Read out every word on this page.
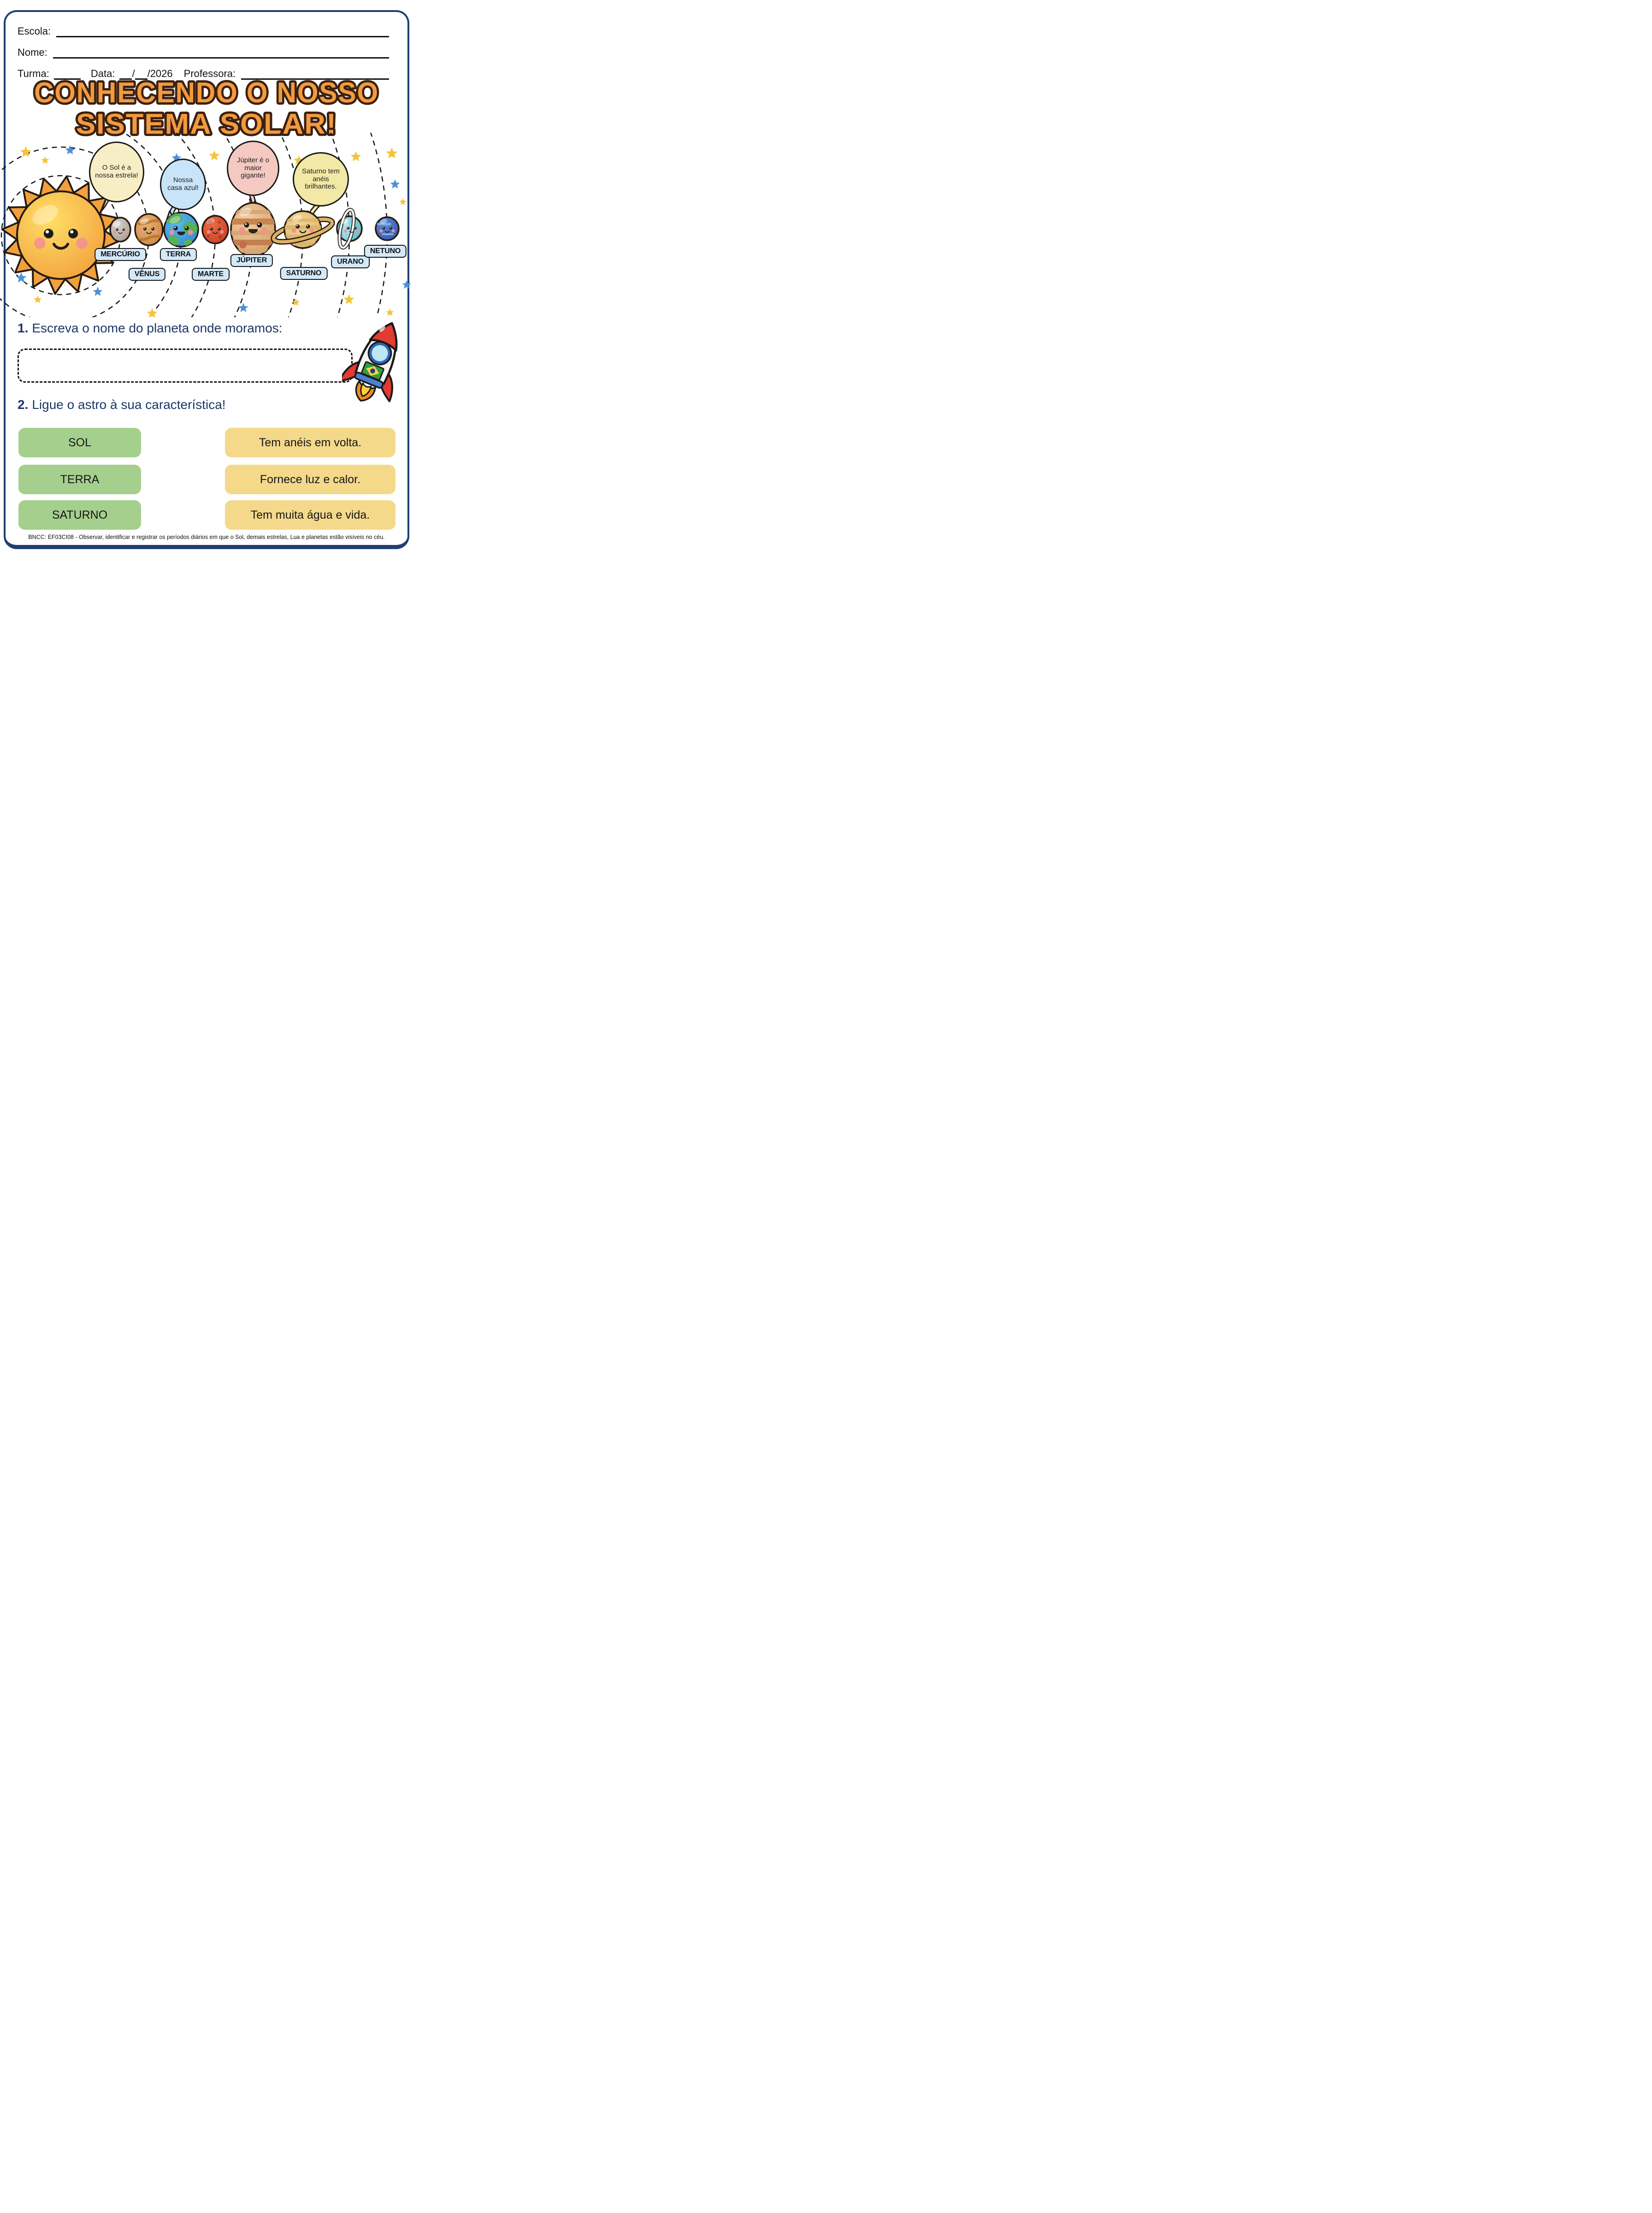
Escola:
Nome:
Turma:	Data: / /2026 Professora:
CONHECENDO O NOSSO
SISTEMA SOLAR!
O Sol é a nossa estrela!
Nossa casa azul!
Júpiter é o maior gigante!
Saturno tem anéis brilhantes.
MERCÚRIO
VÊNUS
TERRA
MARTE
JÚPITER
SATURNO
URANO
NETUNO
1. Escreva o nome do planeta onde moramos:
2. Ligue o astro à sua característica!
SOL
TERRA
SATURNO
Tem anéis em volta.
Fornece luz e calor.
Tem muita água e vida.
BNCC: EF03CI08 - Observar, identificar e registrar os períodos diários em que o Sol, demais estrelas, Lua e planetas estão visíveis no céu.
